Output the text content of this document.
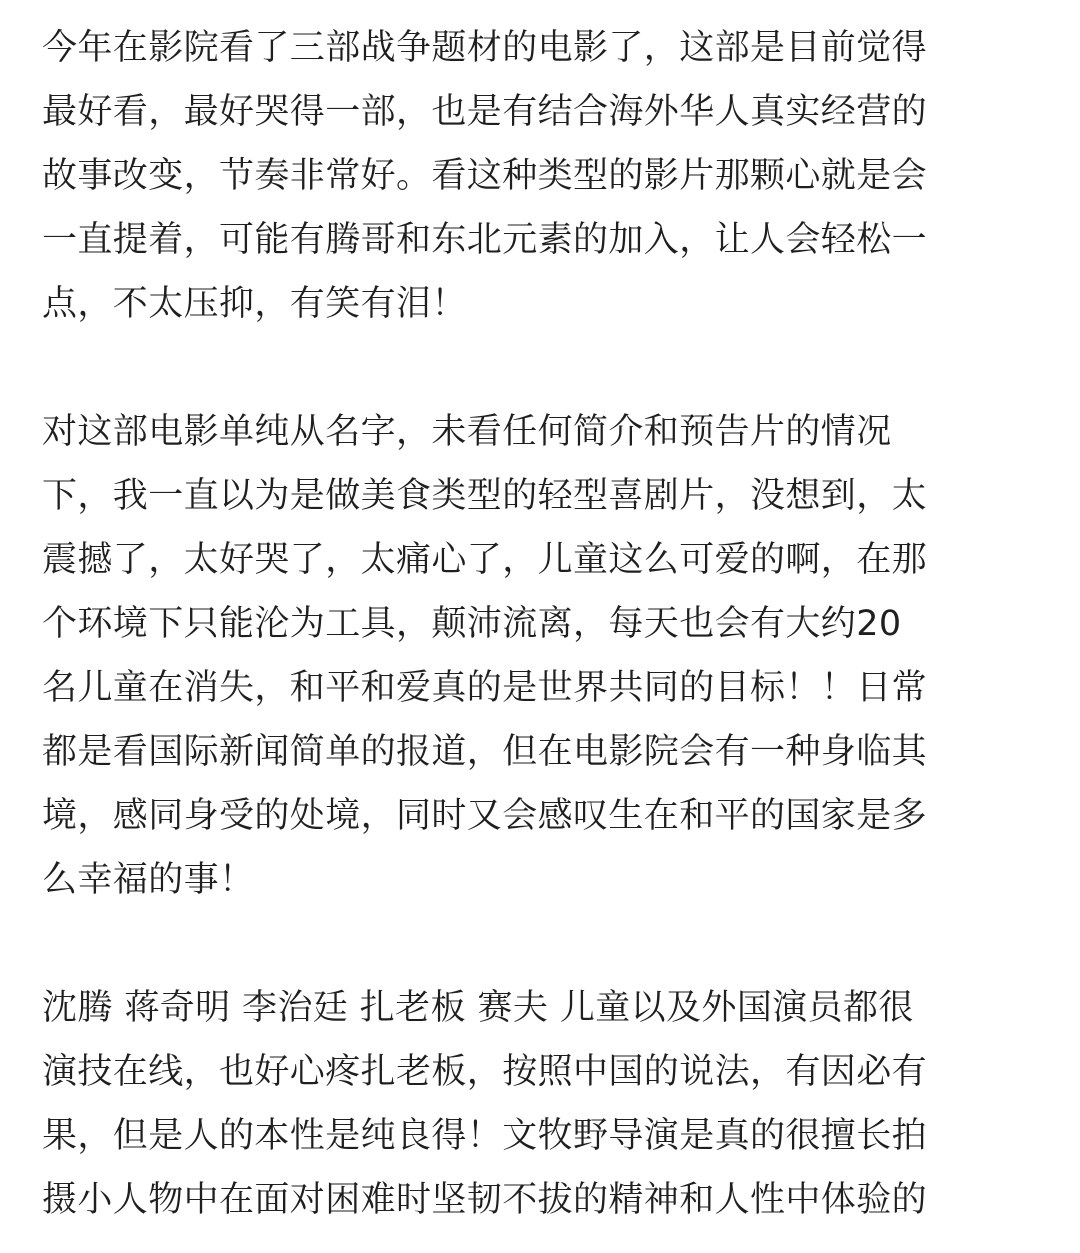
今年在影院看了三部战争题材的电影了，这部是目前觉得
最好看，最好哭得一部，也是有结合海外华人真实经营的
故事改变，节奏非常好。看这种类型的影片那颗心就是会
一直提着，可能有腾哥和东北元素的加入，让人会轻松一
点，不太压抑，有笑有泪！
对这部电影单纯从名字，未看任何简介和预告片的情况
下，我一直以为是做美食类型的轻型喜剧片，没想到，太
震撼了，太好哭了，太痛心了，儿童这么可爱的啊，在那
个环境下只能沦为工具，颠沛流离，每天也会有大约20
名儿童在消失，和平和爱真的是世界共同的目标！！日常
都是看国际新闻简单的报道，但在电影院会有一种身临其
境，感同身受的处境，同时又会感叹生在和平的国家是多
么幸福的事！
沈腾 蒋奇明 李治廷 扎老板 赛夫 儿童以及外国演员都很
演技在线，也好心疼扎老板，按照中国的说法，有因必有
果，但是人的本性是纯良得！文牧野导演是真的很擅长拍
摄小人物中在面对困难时坚韧不拔的精神和人性中体验的
